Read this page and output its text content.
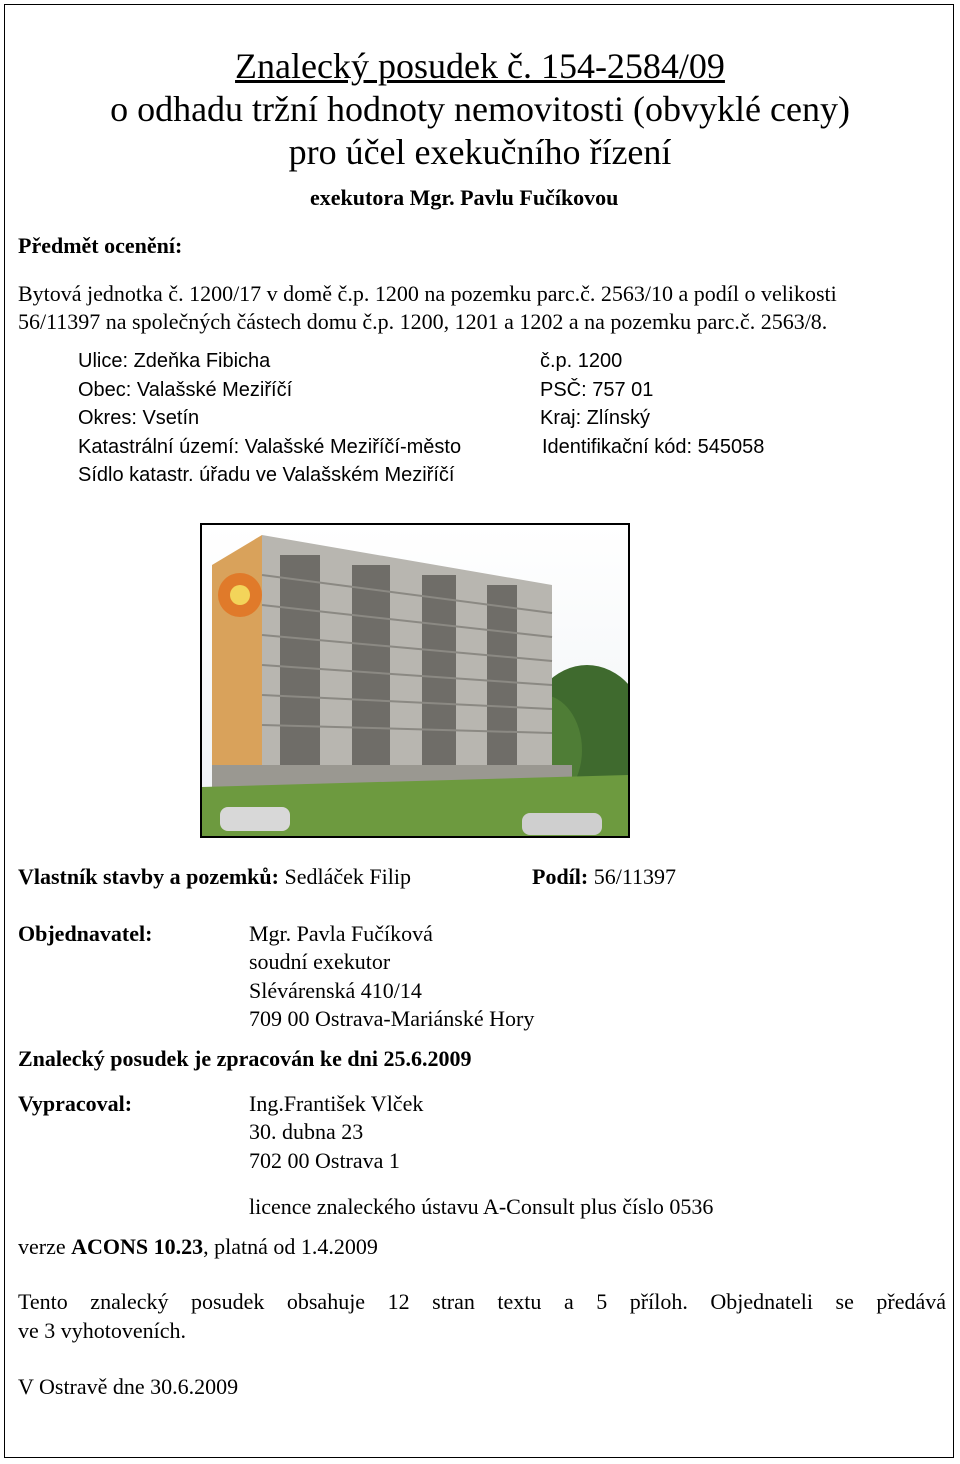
Znalecký posudek č. 154-2584/09
o odhadu tržní hodnoty nemovitosti (obvyklé ceny)
pro účel exekučního řízení
exekutora Mgr. Pavlu Fučíkovou
Předmět ocenění:
Bytová jednotka č. 1200/17 v domě č.p. 1200 na pozemku parc.č. 2563/10 a podíl o velikosti
56/11397 na společných částech domu č.p. 1200, 1201 a 1202 a na pozemku parc.č. 2563/8.
Ulice: Zdeňka Fibicha	č.p. 1200
Obec: Valašské Meziříčí	PSČ: 757 01
Okres: Vsetín	Kraj: Zlínský
Katastrální území: Valašské Meziříčí-město	Identifikační kód: 545058
Sídlo katastr. úřadu ve Valašském Meziříčí
Vlastník stavby a pozemků: Sedláček Filip	Podíl: 56/11397
Objednavatel:	Mgr. Pavla Fučíková
soudní exekutor
Slévárenská 410/14
709 00 Ostrava-Mariánské Hory
Znalecký posudek je zpracován ke dni 25.6.2009
Vypracoval:	Ing.František Vlček
30. dubna 23
702 00 Ostrava 1
licence znaleckého ústavu A-Consult plus číslo 0536
verze ACONS 10.23, platná od 1.4.2009
Tento znalecký posudek obsahuje 12 stran textu a 5 příloh. Objednateli se předává
ve 3 vyhotoveních.
V Ostravě dne 30.6.2009
